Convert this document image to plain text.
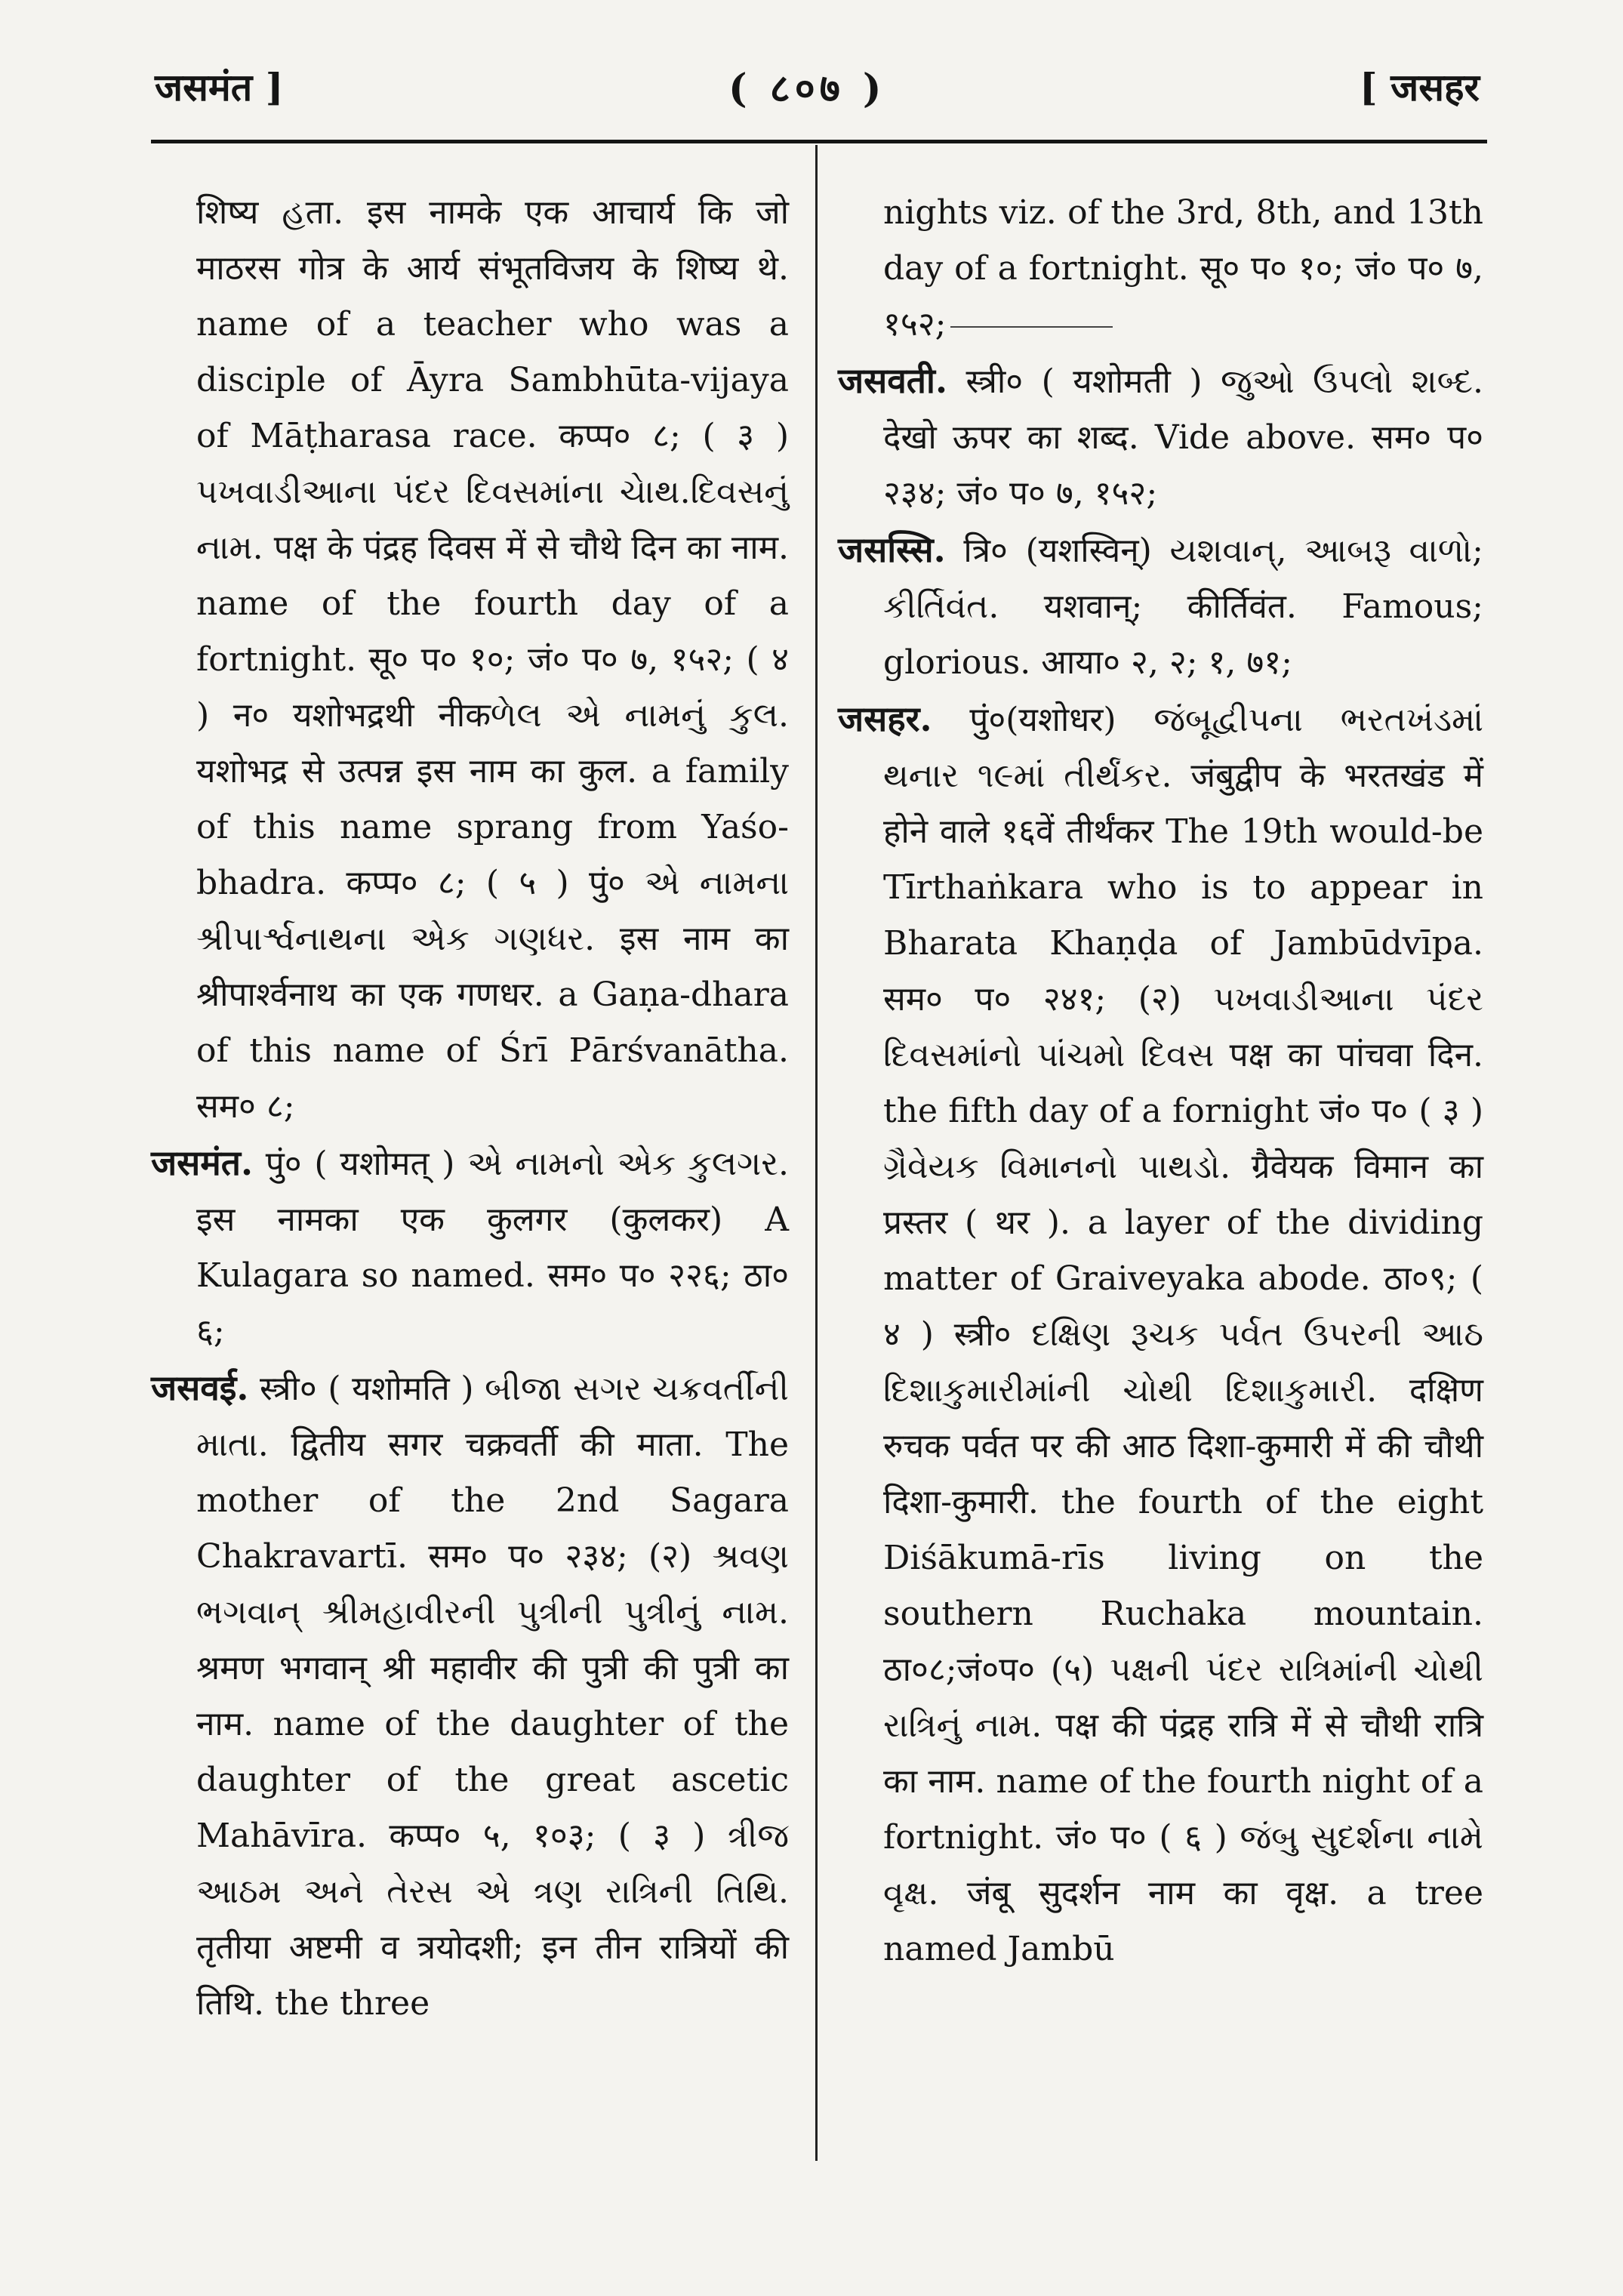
जसमंत ]	( ८०७ )	[ जसहर

शिष्य હता. इस नामके एक आचार्य कि जो माठरस गोत्र के आर्य संभूतविजय के शिष्य थे. name of a teacher who was a disciple of Āyra Sambhūta-vijaya of Māṭharasa race. कप्प० ८; ( ३ ) પખવાડીઆના પંદર દિવસમાંના ચેાથ.દિવસનું નામ. पक्ष के पंद्रह दिवस में से चौथे दिन का नाम. name of the fourth day of a fortnight. सू० प० १०; जं० प० ७, १५२; ( ४ ) न० यशोभद्रथी नीकળેલ એ નામનું કુલ. यशोभद्र से उत्पन्न इस नाम का कुल. a family of this name sprang from Yaśo-bhadra. कप्प० ८; ( ५ ) पुं० એ નામના શ્રીપાર્શ્વનાથના એક ગણધર. इस नाम का श्रीपार्श्वनाथ का एक गणधर. a Gaṇa-dhara of this name of Śrī Pārśvanātha. सम० ८;

जसमंत. पुं० ( यशोमत् ) એ નામનો એક કુલગર. इस नामका एक कुलगर (कुलकर) A Kulagara so named. सम० प० २२६; ठा० ६;

जसवई. स्त्री० ( यशोमति ) બીજા સગર ચક્રવર્તીની માતા. द्वितीय सगर चक्रवर्ती की माता. The mother of the 2nd Sagara Chakravartī. सम० प० २३४; (२) શ્રવણ ભગવાન્ શ્રીમહાવીરની પુત્રીની પુત્રીનું નામ. श्रमण भगवान् श्री महावीर की पुत्री की पुत्री का नाम. name of the daughter of the daughter of the great ascetic Mahāvīra. कप्प० ५, १०३; ( ३ ) ત્રીજ આઠમ અને તેરસ એ ત્રણ રાત્રિની તિથિ. तृतीया अष्टमी व त्रयोदशी; इन तीन रात्रियों की तिथि. the three

nights viz. of the 3rd, 8th, and 13th day of a fortnight. सू० प० १०; जं० प० ७, १५२;

जसवती. स्त्री० ( यशोमती ) જુઓ ઉપલો શબ્દ. देखो ऊपर का शब्द. Vide above. सम० प० २३४; जं० प० ७, १५२;

जसस्सि. त्रि० (यशस्विन्) યશવાન્, આબરૂ વાળો; કીર્તિવંત. यशवान्; कीर्तिवंत. Famous; glorious. आया० २, २; १, ७१;

जसहर. पुं०(यशोधर) જંબૂદ્વીપના ભરતખંડમાં થનાર ૧૯માં તીર્થંકર. जंबुद्वीप के भरतखंड में होने वाले १६वें तीर्थंकर The 19th would-be Tīrthaṅkara who is to appear in Bharata Khaṇḍa of Jambūdvīpa. सम० प० २४१; (२) પખવાડીઆના પંદર દિવસમાંનો પાંચમો દિવસ पक्ष का पांचवा दिन. the fifth day of a fornight जं० प० ( ३ ) ગ્રૈવેયક વિમાનનો પાથડો. ग्रैवेयक विमान का प्रस्तर ( थर ). a layer of the dividing matter of Graiveyaka abode. ठा०९; ( ४ ) स्त्री० દક્ષિણ રૂચક પર્વત ઉપરની આઠ દિશાકુમારીમાંની ચોથી દિશાકુમારી. दक्षिण रुचक पर्वत पर की आठ दिशा-कुमारी में की चौथी दिशा-कुमारी. the fourth of the eight Diśākumā-rīs living on the southern Ruchaka mountain. ठा०८;जं०प० (५) પક્ષની પંદર રાત્રિમાંની ચોથી રાત્રિનું નામ. पक्ष की पंद्रह रात्रि में से चौथी रात्रि का नाम. name of the fourth night of a fortnight. जं० प० ( ६ ) જંબુ સુદર્શના નામે વૃક્ષ. जंबू सुदर्शन नाम का वृक्ष. a tree named Jambū
